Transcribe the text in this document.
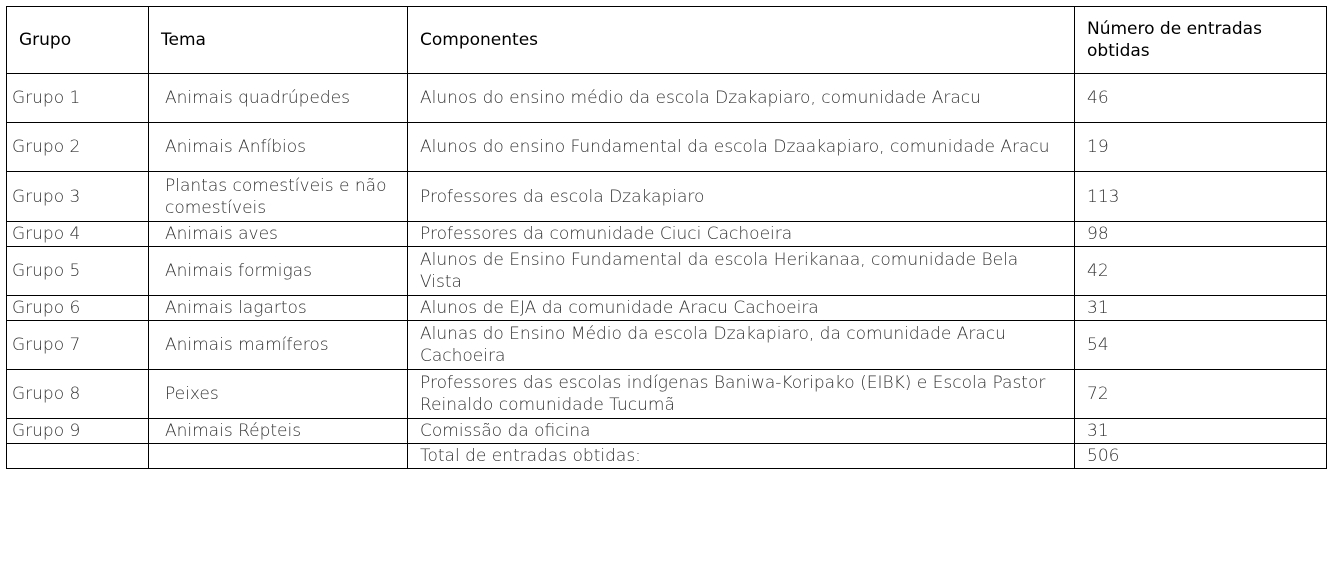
Grupo	Tema	Componentes	Número de entradas obtidas
Grupo 1	Animais quadrúpedes	Alunos do ensino médio da escola Dzakapiaro, comunidade Aracu	46
Grupo 2	Animais Anfíbios	Alunos do ensino Fundamental da escola Dzaakapiaro, comunidade Aracu	19
Grupo 3	Plantas comestíveis e não comestíveis	Professores da escola Dzakapiaro	113
Grupo 4	Animais aves	Professores da comunidade Ciuci Cachoeira	98
Grupo 5	Animais formigas	Alunos de Ensino Fundamental da escola Herikanaa, comunidade Bela Vista	42
Grupo 6	Animais lagartos	Alunos de EJA da comunidade Aracu Cachoeira	31
Grupo 7	Animais mamíferos	Alunas do Ensino Médio da escola Dzakapiaro, da comunidade Aracu Cachoeira	54
Grupo 8	Peixes	Professores das escolas indígenas Baniwa-Koripako (EIBK) e Escola Pastor Reinaldo comunidade Tucumã	72
Grupo 9	Animais Répteis	Comissão da oficina	31
		Total de entradas obtidas:	506
